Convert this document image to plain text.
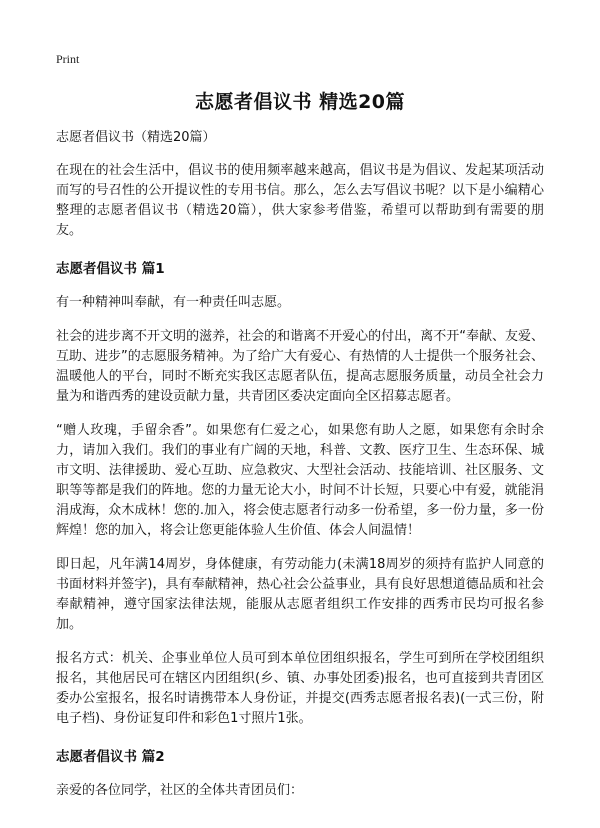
Print
志愿者倡议书 精选20篇
志愿者倡议书（精选20篇）

在现在的社会生活中，倡议书的使用频率越来越高，倡议书是为倡议、发起某项活动而写的号召性的公开提议性的专用书信。那么，怎么去写倡议书呢？以下是小编精心整理的志愿者倡议书（精选20篇），供大家参考借鉴，希望可以帮助到有需要的朋友。

志愿者倡议书 篇1

有一种精神叫奉献，有一种责任叫志愿。

社会的进步离不开文明的滋养，社会的和谐离不开爱心的付出，离不开“奉献、友爱、互助、进步”的志愿服务精神。为了给广大有爱心、有热情的人士提供一个服务社会、温暖他人的平台，同时不断充实我区志愿者队伍，提高志愿服务质量，动员全社会力量为和谐西秀的建设贡献力量，共青团区委决定面向全区招募志愿者。

“赠人玫瑰，手留余香”。如果您有仁爱之心，如果您有助人之愿，如果您有余时余力，请加入我们。我们的事业有广阔的天地，科普、文教、医疗卫生、生态环保、城市文明、法律援助、爱心互助、应急救灾、大型社会活动、技能培训、社区服务、文职等等都是我们的阵地。您的力量无论大小，时间不计长短，只要心中有爱，就能涓涓成海，众木成林！您的.加入，将会使志愿者行动多一份希望，多一份力量，多一份辉煌！您的加入，将会让您更能体验人生价值、体会人间温情！

即日起，凡年满14周岁，身体健康，有劳动能力(未满18周岁的须持有监护人同意的书面材料并签字)，具有奉献精神，热心社会公益事业，具有良好思想道德品质和社会奉献精神，遵守国家法律法规，能服从志愿者组织工作安排的西秀市民均可报名参加。

报名方式：机关、企事业单位人员可到本单位团组织报名，学生可到所在学校团组织报名，其他居民可在辖区内团组织(乡、镇、办事处团委)报名，也可直接到共青团区委办公室报名，报名时请携带本人身份证，并提交(西秀志愿者报名表)(一式三份，附电子档)、身份证复印件和彩色1寸照片1张。

志愿者倡议书 篇2

亲爱的各位同学，社区的全体共青团员们：
